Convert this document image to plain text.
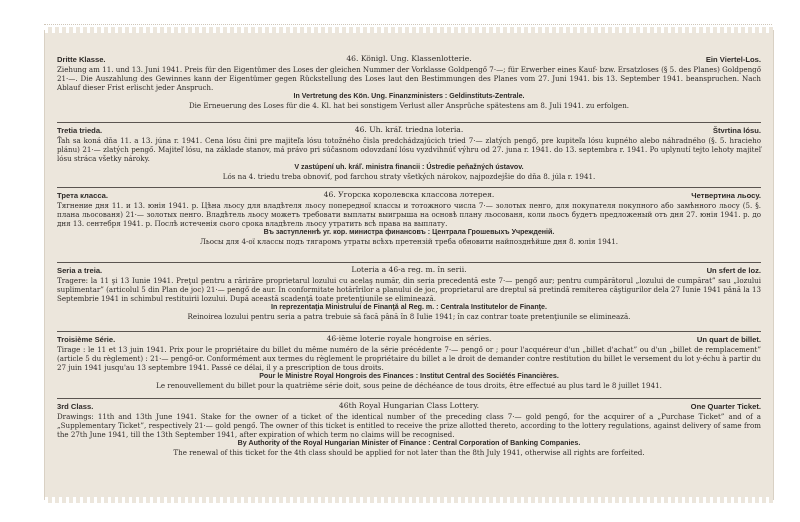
Dritte Klasse.	46. Königl. Ung. Klassenlotterie.	Ein Viertel-Los.
Ziehung am 11. und 13. Juni 1941. Preis für den Eigentümer des Loses der gleichen Nummer der Vorklasse Goldpengő 7·—; für Erwerber eines Kauf- bzw. Ersatzloses (§ 5. des Planes) Goldpengő 21·—. Die Auszahlung des Gewinnes kann der Eigentümer gegen Rückstellung des Loses laut den Bestimmungen des Planes vom 27. Juni 1941. bis 13. September 1941. beanspruchen. Nach Ablauf dieser Frist erlischt jeder Anspruch.
In Vertretung des Kön. Ung. Finanzministers : Geldinstituts-Zentrale.
Die Erneuerung des Loses für die 4. Kl. hat bei sonstigem Verlust aller Ansprüche spätestens am 8. Juli 1941. zu erfolgen.
Tretia trieda.	46. Uh. kráľ. triedna loteria.	Štvrtina lósu.
Ťah sa koná dňa 11. a 13. júna r. 1941. Cena lósu čini pre majiteľa lósu totožného čisla predchádzajúcich tried 7·— zlatých pengő, pre kupiteľa lósu kupného alebo náhradného (§. 5. hracieho plánu) 21·— zlatých pengő. Majiteľ lósu, na základe stanov, má právo pri súčasnom odovzdaní lósu vyzdvihnúť výhru od 27. juna r. 1941. do 13. septembra r. 1941. Po uplynutí tejto lehoty majiteľ lósu stráca všetky nároky.
V zastúpení uh. kráľ. ministra financii : Ústredie peňažných ústavov.
Lós na 4. triedu treba obnoviť, pod farchou straty všetkých nárokov, najpozdejšie do dňa 8. júla r. 1941.
Трета класса.	46. Угорска королевска классова лотерея.	Четвертина льосу.
Тягнение дня 11. и 13. юнія 1941. р. Цѣна льосу для владѣтеля льосу попередної классы и тотожного числа 7·— золотых пенго, для покупателя покупного або замѣнного льосу (5. §. плана льосованя) 21·— золотых пенго. Владѣтель льосу можетъ требовати выплаты выигрыша на основѣ плану льосованя, коли льосъ будетъ предложеный отъ дня 27. юнія 1941. р. до дня 13. сентебря 1941. р. Послѣ истеченія сього срока владѣтель льосу утратить всѣ права на выплату.
Въ заступленнѣ уг. кор. министра финансовъ : Централа Грошевыхъ Учрежденій.
Льосы для 4-ої классы подъ тягаромъ утраты всѣхъ претензій треба обновити найпозднѣйше дня 8. юлія 1941.
Seria a treia.	Loteria a 46-a reg. m. în serii.	Un sfert de loz.
Tragere: la 11 şi 13 Iunie 1941. Preţul pentru a rărirăre proprietarul lozului cu acelaş număr, din seria precedentă este 7·— pengő aur; pentru cumpărătorul „lozului de cumpărat” sau „lozului suplimentar” (articolul 5 din Plan de joc) 21·— pengő de aur. In conformitate hotărîrilor a planului de joc, proprietarul are dreptul să pretindă remiterea câştigurilor dela 27 Iunie 1941 până la 13 Septembrie 1941 in schimbul restituirii lozului. După această scadenţă toate pretenţiunile se eliminează.
In reprezentaţia Ministrului de Finanţă al Reg. m. : Centrala Institutelor de Finanţe.
Reinoirea lozului pentru seria a patra trebuie să facă până în 8 Iulie 1941; în caz contrar toate pretenţiunile se eliminează.
Troisième Série.	46-ième loterie royale hongroise en séries.	Un quart de billet.
Tirage : le 11 et 13 juin 1941. Prix pour le propriétaire du billet du même numéro de la série précédente 7·— pengő or ; pour l'acquéreur d'un „billet d'achat” ou d'un „billet de remplacement” (article 5 du règlement) : 21·— pengő-or. Conformément aux termes du règlement le propriétaire du billet a le droit de demander contre restitution du billet le versement du lot y-échu à partir du 27 juin 1941 jusqu'au 13 septembre 1941. Passé ce délai, il y a prescription de tous droits.
Pour le Ministre Royal Hongrois des Finances : Institut Central des Sociétés Financières.
Le renouvellement du billet pour la quatrième série doit, sous peine de déchéance de tous droits, être effectué au plus tard le 8 juillet 1941.
3rd Class.	46th Royal Hungarian Class Lottery.	One Quarter Ticket.
Drawings: 11th and 13th June 1941. Stake for the owner of a ticket of the identical number of the preceding class 7·— gold pengő, for the acquirer of a „Purchase Ticket” and of a „Supplementary Ticket”, respectively 21·— gold pengő. The owner of this ticket is entitled to receive the prize allotted thereto, according to the lottery regulations, against delivery of same from the 27th June 1941, till the 13th September 1941, after expiration of which term no claims will be recognised.
By Authority of the Royal Hungarian Minister of Finance : Central Corporation of Banking Companies.
The renewal of this ticket for the 4th class should be applied for not later than the 8th July 1941, otherwise all rights are forfeited.
